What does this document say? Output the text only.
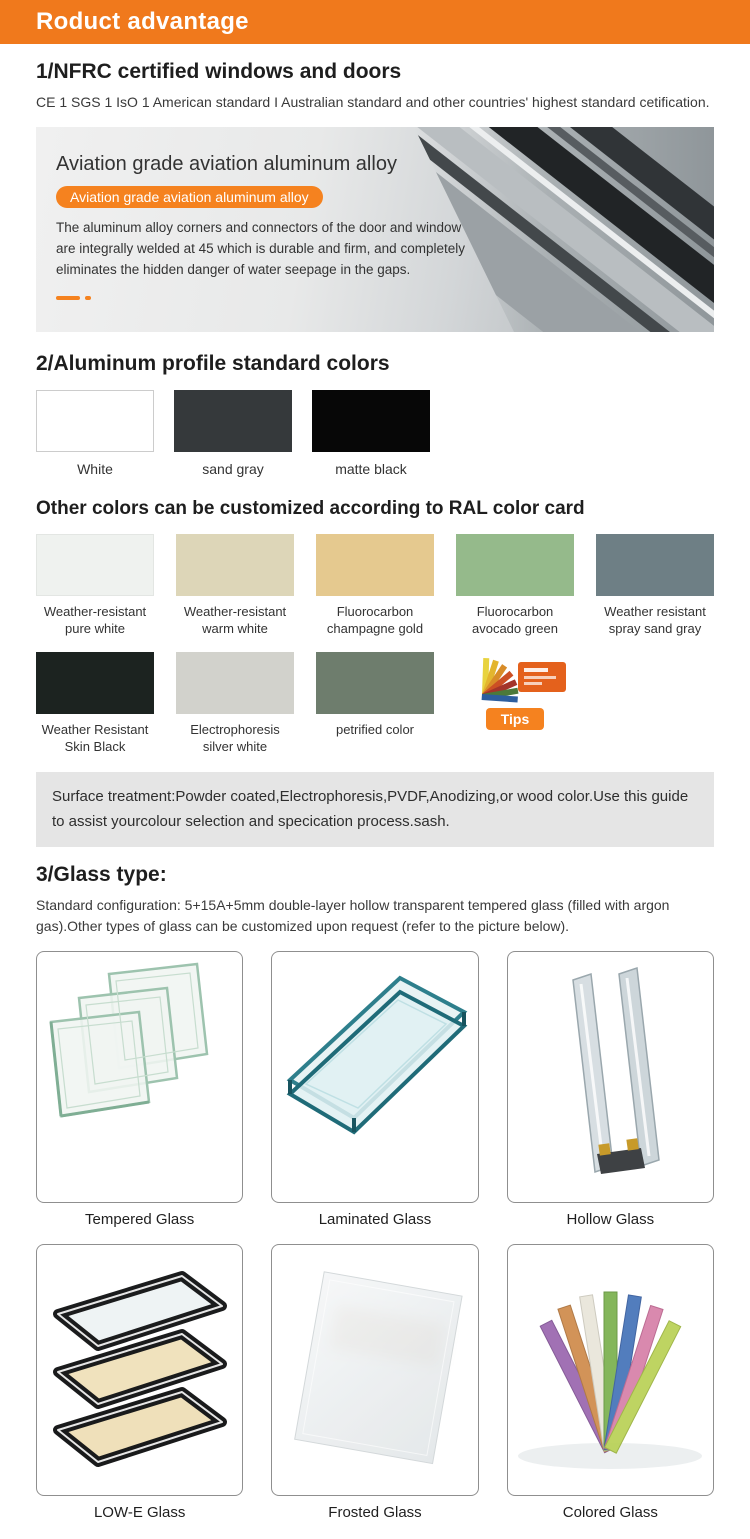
Roduct advantage
1/NFRC certified windows and doors

CE 1 SGS 1 IsO 1 American standard I Australian standard and other countries' highest standard cetification.

Aviation grade aviation aluminum alloy
Aviation grade aviation aluminum alloy

The aluminum alloy corners and connectors of the door and window are integrally welded at 45 which is durable and firm, and completely eliminates the hidden danger of water seepage in the gaps.

2/Aluminum profile standard colors
White	sand gray	matte black
Other colors can be customized according to RAL color card
Weather-resistant pure white
Weather-resistant warm white
Fluorocarbon champagne gold
Fluorocarbon avocado green
Weather resistant spray sand gray
Weather Resistant Skin Black
Electrophoresis silver white
petrified color
Tips
Surface treatment:Powder coated,Electrophoresis,PVDF,Anodizing,or wood color.Use this guide to assist yourcolour selection and specication process.sash.
3/Glass type:

Standard configuration: 5+15A+5mm double-layer hollow transparent tempered glass (filled with argon gas).Other types of glass can be customized upon request (refer to the picture below).

Tempered Glass	Laminated Glass	Hollow Glass
LOW-E Glass	Frosted Glass	Colored Glass
